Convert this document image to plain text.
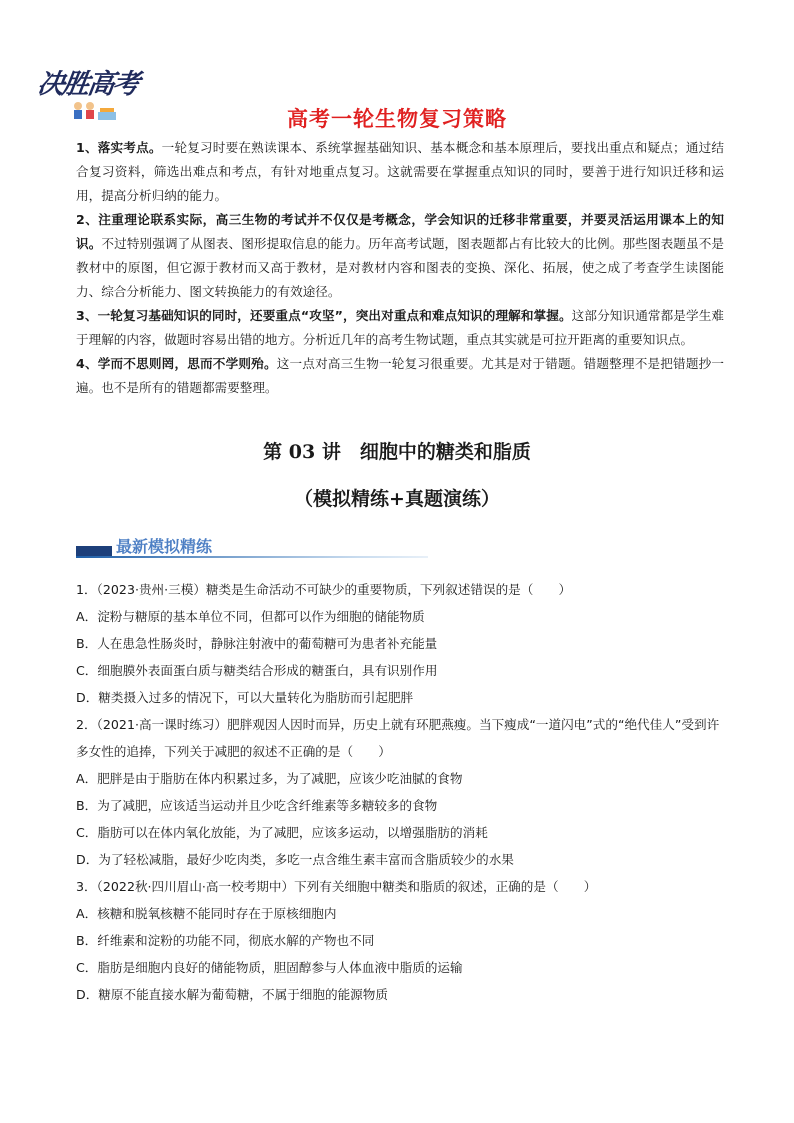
决胜高考
高考一轮生物复习策略

1、落实考点。一轮复习时要在熟读课本、系统掌握基础知识、基本概念和基本原理后，要找出重点和疑点；通过结合复习资料，筛选出难点和考点，有针对地重点复习。这就需要在掌握重点知识的同时，要善于进行知识迁移和运用，提高分析归纳的能力。

2、注重理论联系实际，高三生物的考试并不仅仅是考概念，学会知识的迁移非常重要，并要灵活运用课本上的知识。不过特别强调了从图表、图形提取信息的能力。历年高考试题，图表题都占有比较大的比例。那些图表题虽不是教材中的原图，但它源于教材而又高于教材，是对教材内容和图表的变换、深化、拓展，使之成了考查学生读图能力、综合分析能力、图文转换能力的有效途径。

3、一轮复习基础知识的同时，还要重点“攻坚”，突出对重点和难点知识的理解和掌握。这部分知识通常都是学生难于理解的内容，做题时容易出错的地方。分析近几年的高考生物试题，重点其实就是可拉开距离的重要知识点。

4、学而不思则罔，思而不学则殆。这一点对高三生物一轮复习很重要。尤其是对于错题。错题整理不是把错题抄一遍。也不是所有的错题都需要整理。

第 03 讲　细胞中的糖类和脂质
（模拟精练+真题演练）
最新模拟精练

1．（2023·贵州·三模）糖类是生命活动不可缺少的重要物质，下列叙述错误的是（　　）

A．淀粉与糖原的基本单位不同，但都可以作为细胞的储能物质

B．人在患急性肠炎时，静脉注射液中的葡萄糖可为患者补充能量

C．细胞膜外表面蛋白质与糖类结合形成的糖蛋白，具有识别作用

D．糖类摄入过多的情况下，可以大量转化为脂肪而引起肥胖

2．（2021·高一课时练习）肥胖观因人因时而异，历史上就有环肥燕瘦。当下瘦成“一道闪电”式的“绝代佳人”受到许多女性的追捧，下列关于减肥的叙述不正确的是（　　）

A．肥胖是由于脂肪在体内积累过多，为了减肥，应该少吃油腻的食物

B．为了减肥，应该适当运动并且少吃含纤维素等多糖较多的食物

C．脂肪可以在体内氧化放能，为了减肥，应该多运动，以增强脂肪的消耗

D．为了轻松减脂，最好少吃肉类，多吃一点含维生素丰富而含脂质较少的水果

3．（2022秋·四川眉山·高一校考期中）下列有关细胞中糖类和脂质的叙述，正确的是（　　）

A．核糖和脱氧核糖不能同时存在于原核细胞内

B．纤维素和淀粉的功能不同，彻底水解的产物也不同

C．脂肪是细胞内良好的储能物质，胆固醇参与人体血液中脂质的运输

D．糖原不能直接水解为葡萄糖，不属于细胞的能源物质
